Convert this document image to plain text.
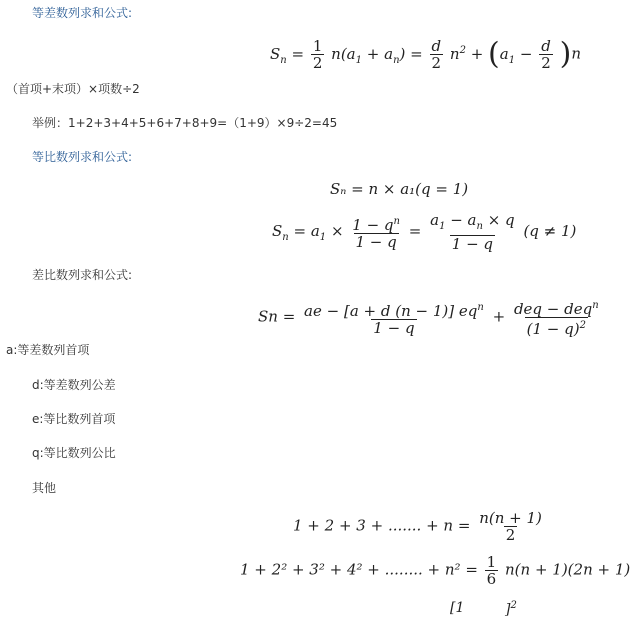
等差数列求和公式:
$S_n = \frac{1}{2} n(a_1 + a_n) = \frac{d}{2} n^2 + (a_1 - \frac{d}{2} )n$
（首项+末项）×项数÷2
举例：1+2+3+4+5+6+7+8+9=（1+9）×9÷2=45
等比数列求和公式:
Sₙ = n × a₁(q = 1)
$S_n = a_1 \times \frac{1 - q^n}{1 - q} = \frac{a_1 - a_n \times q}{1 - q} (q \ne 1)$
差比数列求和公式:
$Sn = \frac{ae - [a + d (n - 1)] eq^n}{1 - q} + \frac{deq - deq^n}{(1 - q)^2}$
a:等差数列首项
d:等差数列公差
e:等比数列首项
q:等比数列公比
其他
1 + 2 + 3 + ....... + $n = \frac{n(n + 1)}{2}$
1 + 2² + 3² + 4² + ........ + $n^2 = \frac{1}{6} n(n + 1)(2n + 1)$
[1	]$^2$
